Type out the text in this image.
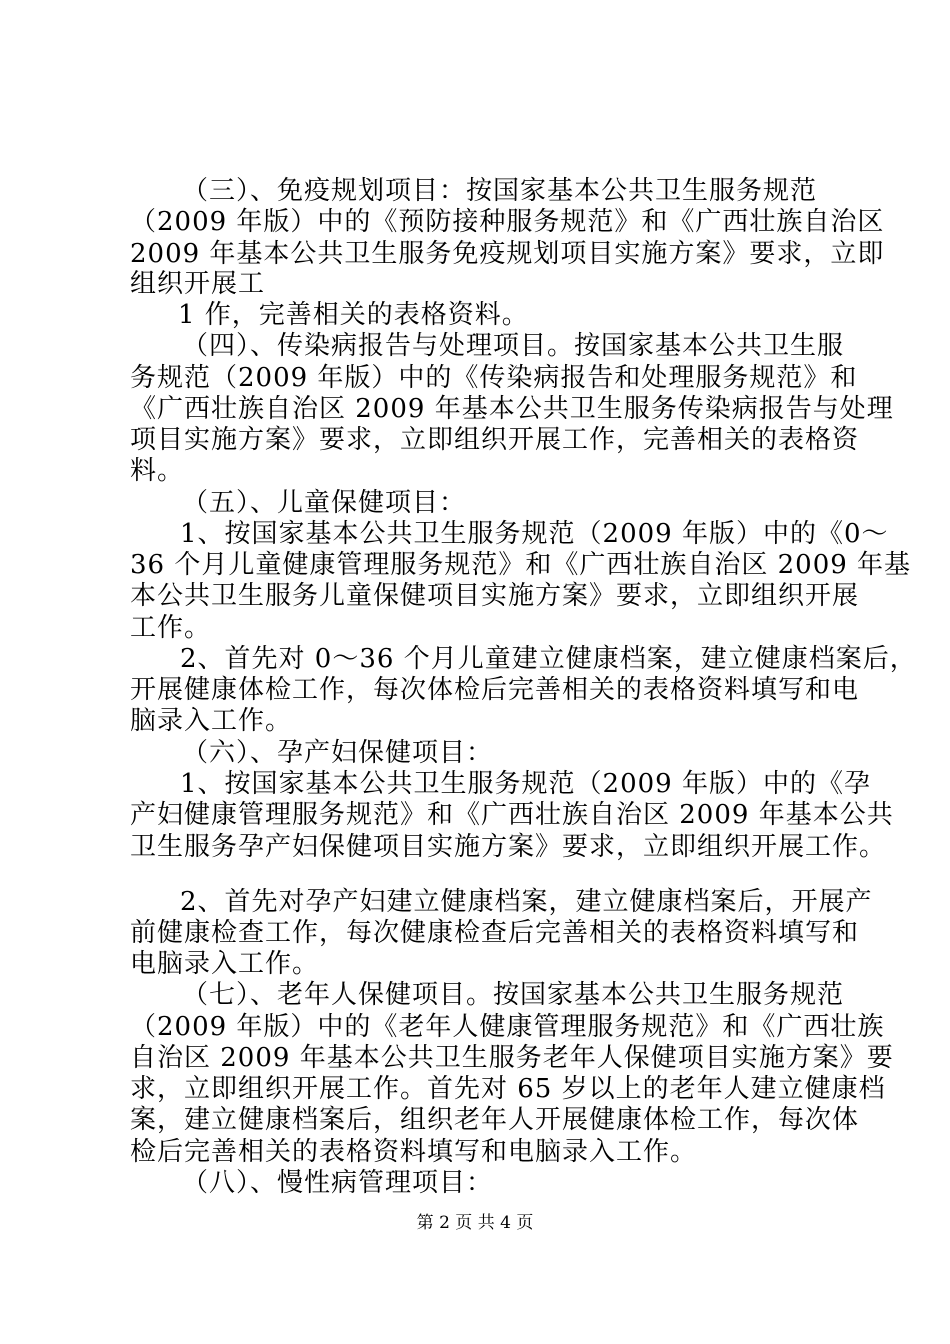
（三）、免疫规划项目：按国家基本公共卫生服务规范
（2009 年版）中的《预防接种服务规范》和《广西壮族自治区
2009 年基本公共卫生服务免疫规划项目实施方案》要求，立即
组织开展工
1 作，完善相关的表格资料。
（四）、传染病报告与处理项目。按国家基本公共卫生服
务规范（2009 年版）中的《传染病报告和处理服务规范》和
《广西壮族自治区 2009 年基本公共卫生服务传染病报告与处理
项目实施方案》要求，立即组织开展工作，完善相关的表格资
料。
（五）、儿童保健项目：
1、按国家基本公共卫生服务规范（2009 年版）中的《0～
36 个月儿童健康管理服务规范》和《广西壮族自治区 2009 年基
本公共卫生服务儿童保健项目实施方案》要求，立即组织开展
工作。
2、首先对 0～36 个月儿童建立健康档案，建立健康档案后，
开展健康体检工作，每次体检后完善相关的表格资料填写和电
脑录入工作。
（六）、孕产妇保健项目：
1、按国家基本公共卫生服务规范（2009 年版）中的《孕
产妇健康管理服务规范》和《广西壮族自治区 2009 年基本公共
卫生服务孕产妇保健项目实施方案》要求，立即组织开展工作。
2、首先对孕产妇建立健康档案，建立健康档案后，开展产
前健康检查工作，每次健康检查后完善相关的表格资料填写和
电脑录入工作。
（七）、老年人保健项目。按国家基本公共卫生服务规范
（2009 年版）中的《老年人健康管理服务规范》和《广西壮族
自治区 2009 年基本公共卫生服务老年人保健项目实施方案》要
求，立即组织开展工作。首先对 65 岁以上的老年人建立健康档
案，建立健康档案后，组织老年人开展健康体检工作，每次体
检后完善相关的表格资料填写和电脑录入工作。
（八）、慢性病管理项目：
第 2 页 共 4 页
